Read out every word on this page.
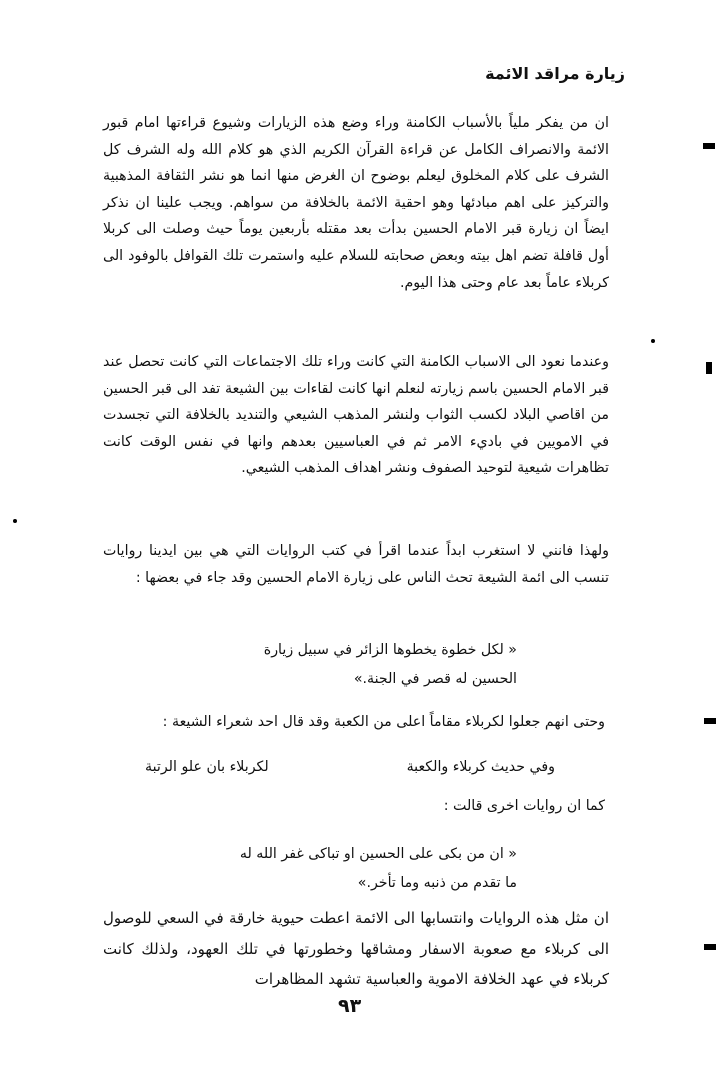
زيارة مراقد الائمة

ان من يفكر ملياً بالأسباب الكامنة وراء وضع هذه الزيارات وشيوع قراءتها امام قبور الائمة والانصراف الكامل عن قراءة القرآن الكريم الذي هو كلام الله وله الشرف كل الشرف على كلام المخلوق ليعلم بوضوح ان الغرض منها انما هو نشر الثقافة المذهبية والتركيز على اهم مبادئها وهو احقية الائمة بالخلافة من سواهم. ويجب علينا ان نذكر ايضاً ان زيارة قبر الامام الحسين بدأت بعد مقتله بأربعين يوماً حيث وصلت الى كربلا أول قافلة تضم اهل بيته وبعض صحابته للسلام عليه واستمرت تلك القوافل بالوفود الى كربلاء عاماً بعد عام وحتى هذا اليوم.

وعندما نعود الى الاسباب الكامنة التي كانت وراء تلك الاجتماعات التي كانت تحصل عند قبر الامام الحسين باسم زيارته لنعلم انها كانت لقاءات بين الشيعة تفد الى قبر الحسين من اقاصي البلاد لكسب الثواب ولنشر المذهب الشيعي والتنديد بالخلافة التي تجسدت في الامويين في باديء الامر ثم في العباسيين بعدهم وانها في نفس الوقت كانت تظاهرات شيعية لتوحيد الصفوف ونشر اهداف المذهب الشيعي.

ولهذا فانني لا استغرب ابداً عندما اقرأ في كتب الروايات التي هي بين ايدينا روايات تنسب الى ائمة الشيعة تحث الناس على زيارة الامام الحسين وقد جاء في بعضها :

« لكل خطوة يخطوها الزائر في سبيل زيارة
الحسين له قصر في الجنة.»
وحتى انهم جعلوا لكربلاء مقاماً اعلى من الكعبة وقد قال احد شعراء الشيعة :
وفي حديث كربلاء والكعبة
لكربلاء بان علو الرتبة
كما ان روايات اخرى قالت :
« ان من بكى على الحسين او تباكى غفر الله له
ما تقدم من ذنبه وما تأخر.»

ان مثل هذه الروايات وانتسابها الى الائمة اعطت حيوية خارقة في السعي للوصول الى كربلاء مع صعوبة الاسفار ومشاقها وخطورتها في تلك العهود، ولذلك كانت كربلاء في عهد الخلافة الاموية والعباسية تشهد المظاهرات

٩٣
